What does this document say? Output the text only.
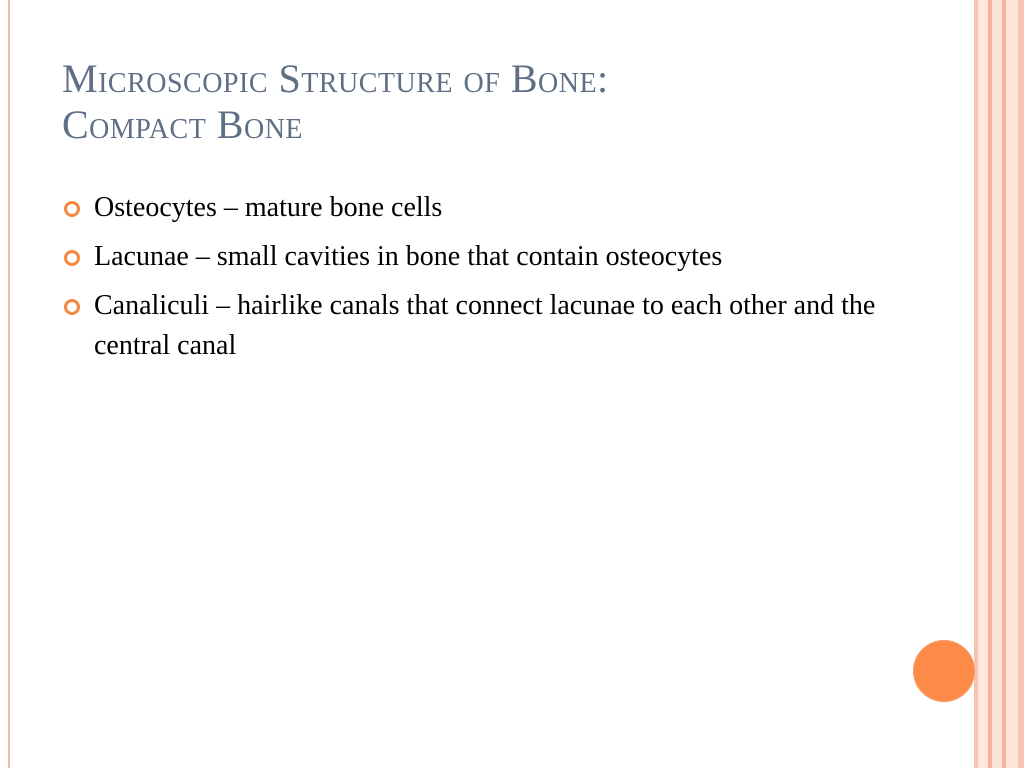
Microscopic Structure of Bone:
Compact Bone
Osteocytes – mature bone cells
Lacunae – small cavities in bone that contain osteocytes
Canaliculi – hairlike canals that connect lacunae to each other and the central canal
